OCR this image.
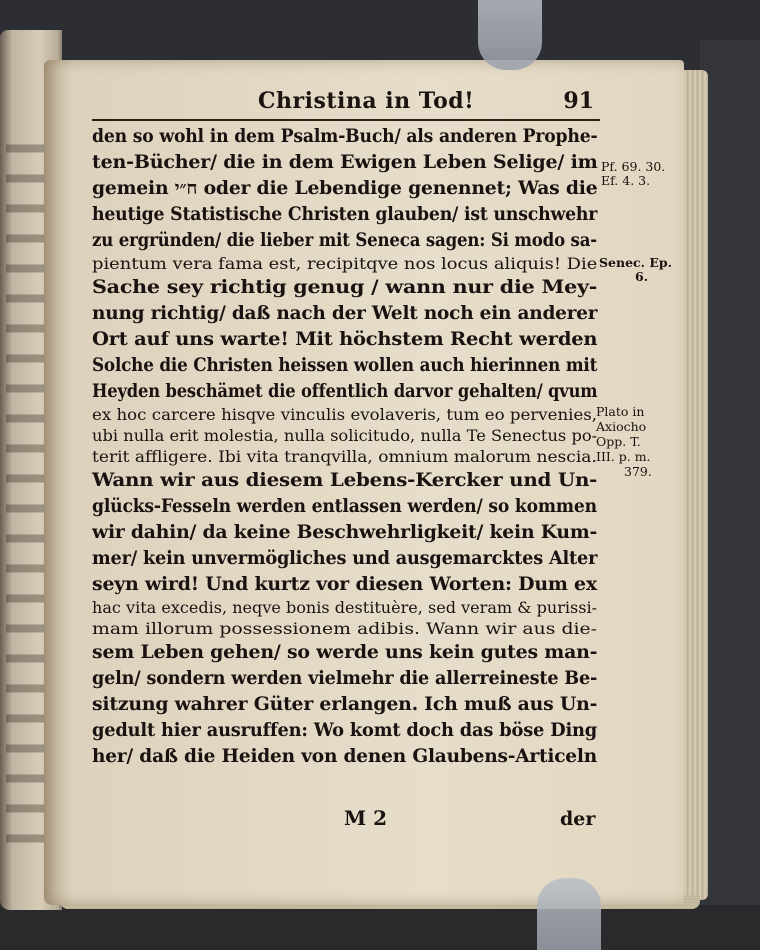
Christina in Tod!	91
den so wohl in dem Psalm-Buch/ als anderen Prophe-
ten-Bücher/ die in dem Ewigen Leben Selige/ im
gemein ח״י oder die Lebendige genennet; Was die
heutige Statistische Christen glauben/ ist unschwehr
zu ergründen/ die lieber mit Seneca sagen: Si modo sa-
pientum vera fama est, recipitqve nos locus aliquis! Die
Sache sey richtig genug / wann nur die Mey-
nung richtig/ daß nach der Welt noch ein anderer
Ort auf uns warte! Mit höchstem Recht werden
Solche die Christen heissen wollen auch hierinnen mit
Heyden beschämet die offentlich darvor gehalten/ qvum
ex hoc carcere hisqve vinculis evolaveris, tum eo pervenies,
ubi nulla erit molestia, nulla solicitudo, nulla Te Senectus po-
terit affligere. Ibi vita tranqvilla, omnium malorum nescia.
Wann wir aus diesem Lebens-Kercker und Un-
glücks-Fesseln werden entlassen werden/ so kommen
wir dahin/ da keine Beschwehrligkeit/ kein Kum-
mer/ kein unvermögliches und ausgemarcktes Alter
seyn wird! Und kurtz vor diesen Worten: Dum ex
hac vita excedis, neqve bonis destituère, sed veram & purissi-
mam illorum possessionem adibis. Wann wir aus die-
sem Leben gehen/ so werde uns kein gutes man-
geln/ sondern werden vielmehr die allerreineste Be-
sitzung wahrer Güter erlangen. Ich muß aus Un-
gedult hier ausruffen: Wo komt doch das böse Ding
her/ daß die Heiden von denen Glaubens-Articeln
Pf. 69. 30.
Ef. 4. 3.
Senec. Ep.
6.
Plato in
Axiocho
Opp. T.
III. p. m.
379.
M 2	der
